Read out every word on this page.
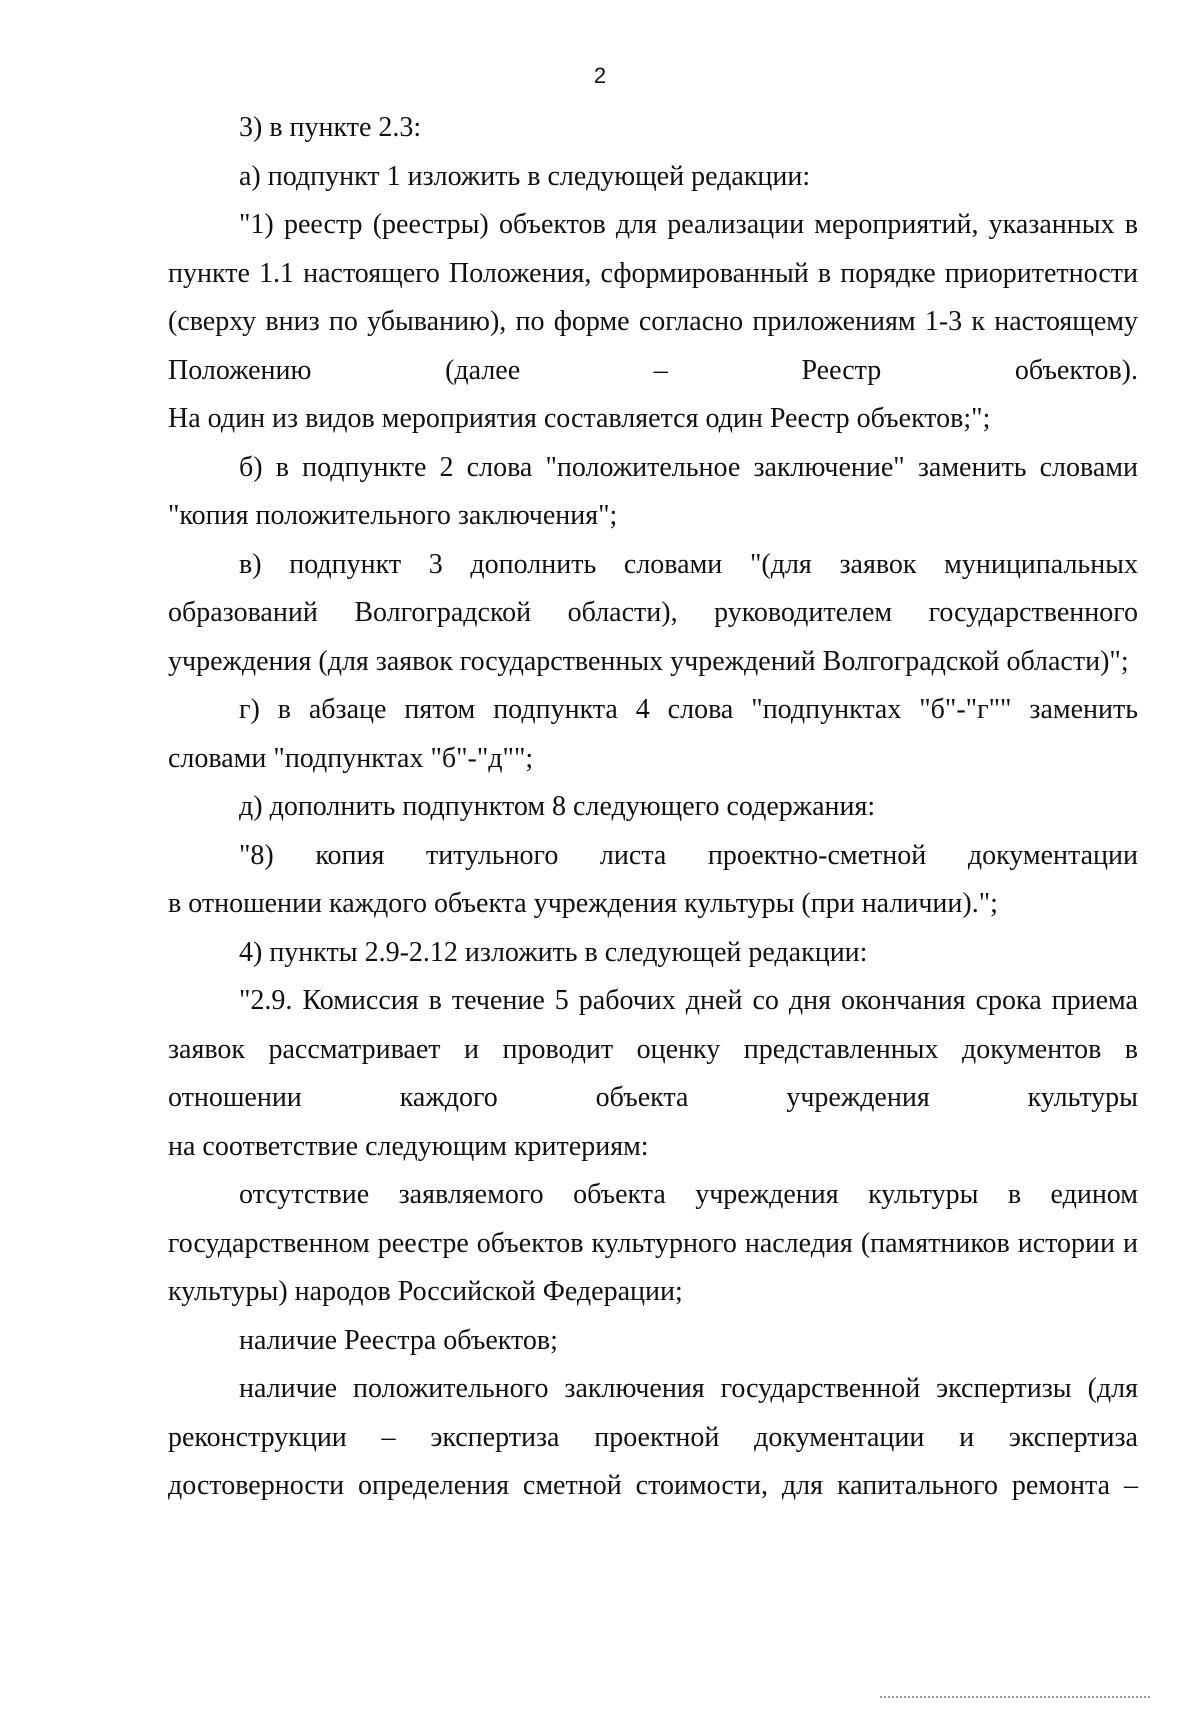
2

3) в пункте 2.3:

а) подпункт 1 изложить в следующей редакции:

"1) реестр (реестры) объектов для реализации мероприятий, указанных в пункте 1.1 настоящего Положения, сформированный в порядке приоритетности (сверху вниз по убыванию), по форме согласно приложениям 1-3 к настоящему Положению (далее – Реестр объектов).

На один из видов мероприятия составляется один Реестр объектов;";

б) в подпункте 2 слова "положительное заключение" заменить словами "копия положительного заключения";

в) подпункт 3 дополнить словами "(для заявок муниципальных образований Волгоградской области), руководителем государственного учреждения (для заявок государственных учреждений Волгоградской области)";

г) в абзаце пятом подпункта 4 слова "подпунктах "б"-"г"" заменить словами "подпунктах "б"-"д"";

д) дополнить подпунктом 8 следующего содержания:

"8) копия титульного листа проектно-сметной документации

в отношении каждого объекта учреждения культуры (при наличии).";

4) пункты 2.9-2.12 изложить в следующей редакции:

"2.9. Комиссия в течение 5 рабочих дней со дня окончания срока приема заявок рассматривает и проводит оценку представленных документов в отношении каждого объекта учреждения культуры

на соответствие следующим критериям:

отсутствие заявляемого объекта учреждения культуры в едином государственном реестре объектов культурного наследия (памятников истории и культуры) народов Российской Федерации;

наличие Реестра объектов;

наличие положительного заключения государственной экспертизы (для реконструкции – экспертиза проектной документации и экспертиза достоверности определения сметной стоимости, для капитального ремонта –
